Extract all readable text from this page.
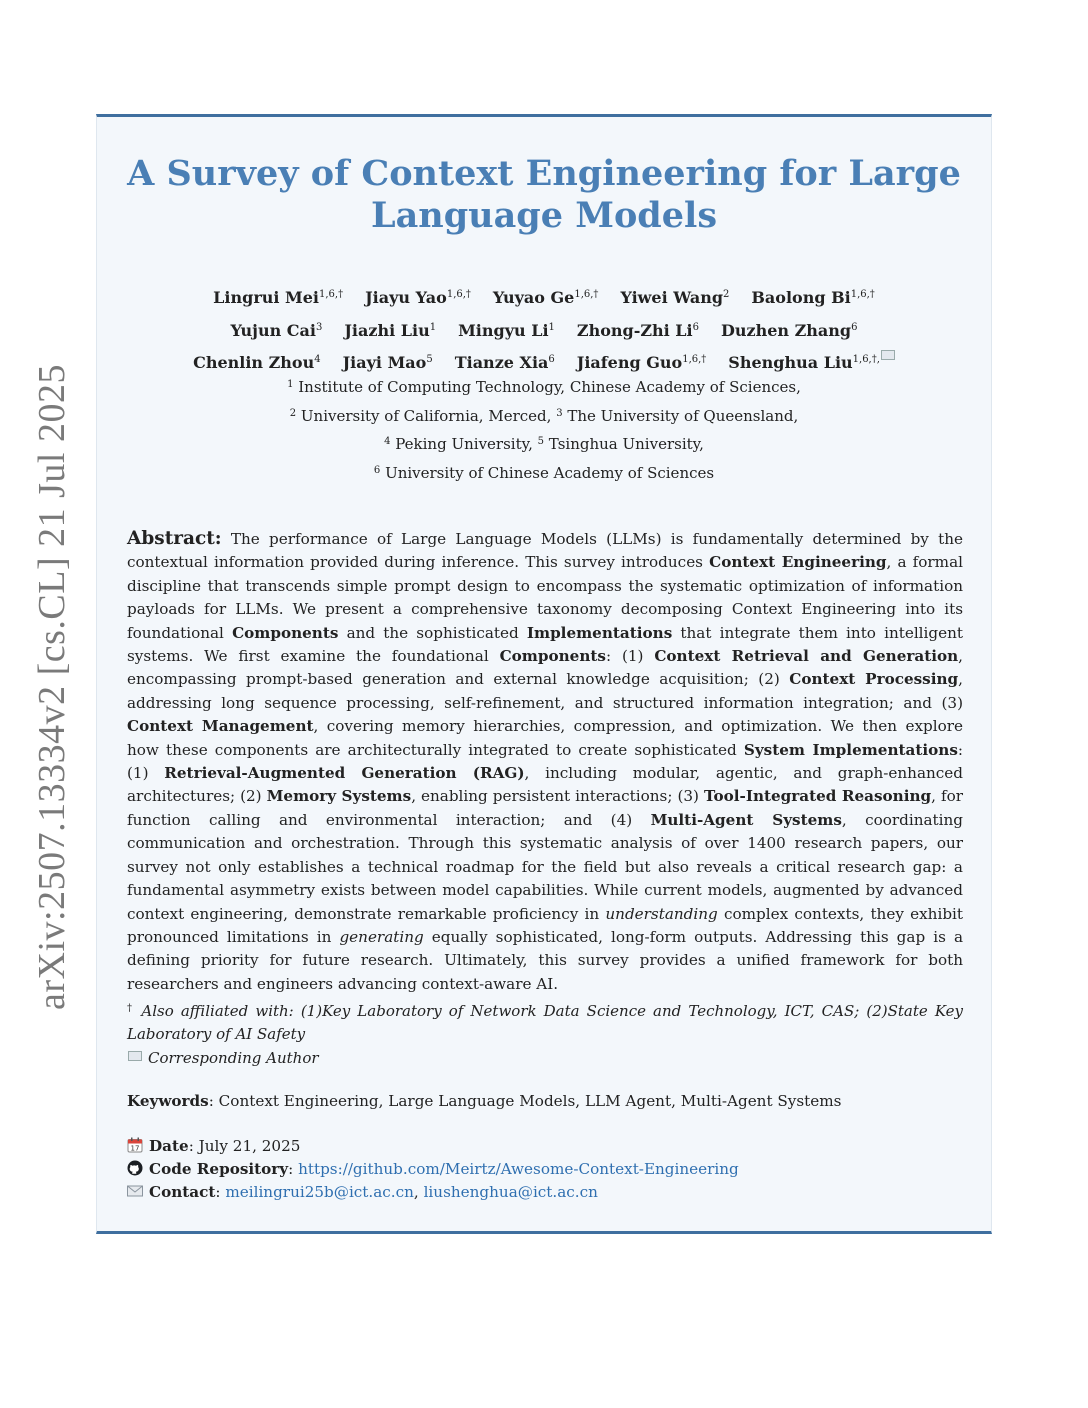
arXiv:2507.13334v2 [cs.CL] 21 Jul 2025
A Survey of Context Engineering for Large
Language Models
Lingrui Mei$^{1,6,\dagger}$ Jiayu Yao$^{1,6,\dagger}$ Yuyao $Ge^{1,6,\dagger}$ Yiwei Wang$^2$ Baolong $Bi^{1,6,\dagger}$
Yujun Cai$^3$ Jiazhi Liu$^1$ Mingyu Li$^1$ Zhong-Zhi Li$^6$ Duzhen Zhang$^6$
Chenlin Zhou$^4$ Jiayi Mao$^5$ Tianze Xia$^6$ Jiafeng Guo$^{1,6,\dagger}$ Shenghua Liu$^{1,6,\dagger,}$
$^1$ Institute of Computing Technology, Chinese Academy of Sciences,
$^2$ University of California, Merced, $^3$ The University of Queensland,
$^4$ Peking University, $^5$ Tsinghua University,
$^6$ University of Chinese Academy of Sciences
Abstract: The performance of Large Language Models (LLMs) is fundamentally determined by the contextual information provided during inference. This survey introduces Context Engineering, a formal discipline that transcends simple prompt design to encompass the systematic optimization of information payloads for LLMs. We present a comprehensive taxonomy decomposing Context Engineering into its foundational Components and the sophisticated Implementations that integrate them into intelligent systems. We first examine the foundational Components: (1) Context Retrieval and Generation, encompassing prompt-based generation and external knowledge acquisition; (2) Context Processing, addressing long sequence processing, self-refinement, and structured information integration; and (3) Context Management, covering memory hierarchies, compression, and optimization. We then explore how these components are architecturally integrated to create sophisticated System Implementations: (1) Retrieval-Augmented Generation (RAG), including modular, agentic, and graph-enhanced architectures; (2) Memory Systems, enabling persistent interactions; (3) Tool-Integrated Reasoning, for function calling and environmental interaction; and (4) Multi-Agent Systems, coordinating communication and orchestration. Through this systematic analysis of over 1400 research papers, our survey not only establishes a technical roadmap for the field but also reveals a critical research gap: a fundamental asymmetry exists between model capabilities. While current models, augmented by advanced context engineering, demonstrate remarkable proficiency in understanding complex contexts, they exhibit pronounced limitations in generating equally sophisticated, long-form outputs. Addressing this gap is a defining priority for future research. Ultimately, this survey provides a unified framework for both researchers and engineers advancing context-aware AI.
† Also affiliated with: (1)Key Laboratory of Network Data Science and Technology, ICT, CAS; (2)State Key Laboratory of AI Safety
Corresponding Author
Keywords: Context Engineering, Large Language Models, LLM Agent, Multi-Agent Systems
17 Date: July 21, 2025
Code Repository: https://github.com/Meirtz/Awesome-Context-Engineering
Contact: meilingrui25b@ict.ac.cn, liushenghua@ict.ac.cn
